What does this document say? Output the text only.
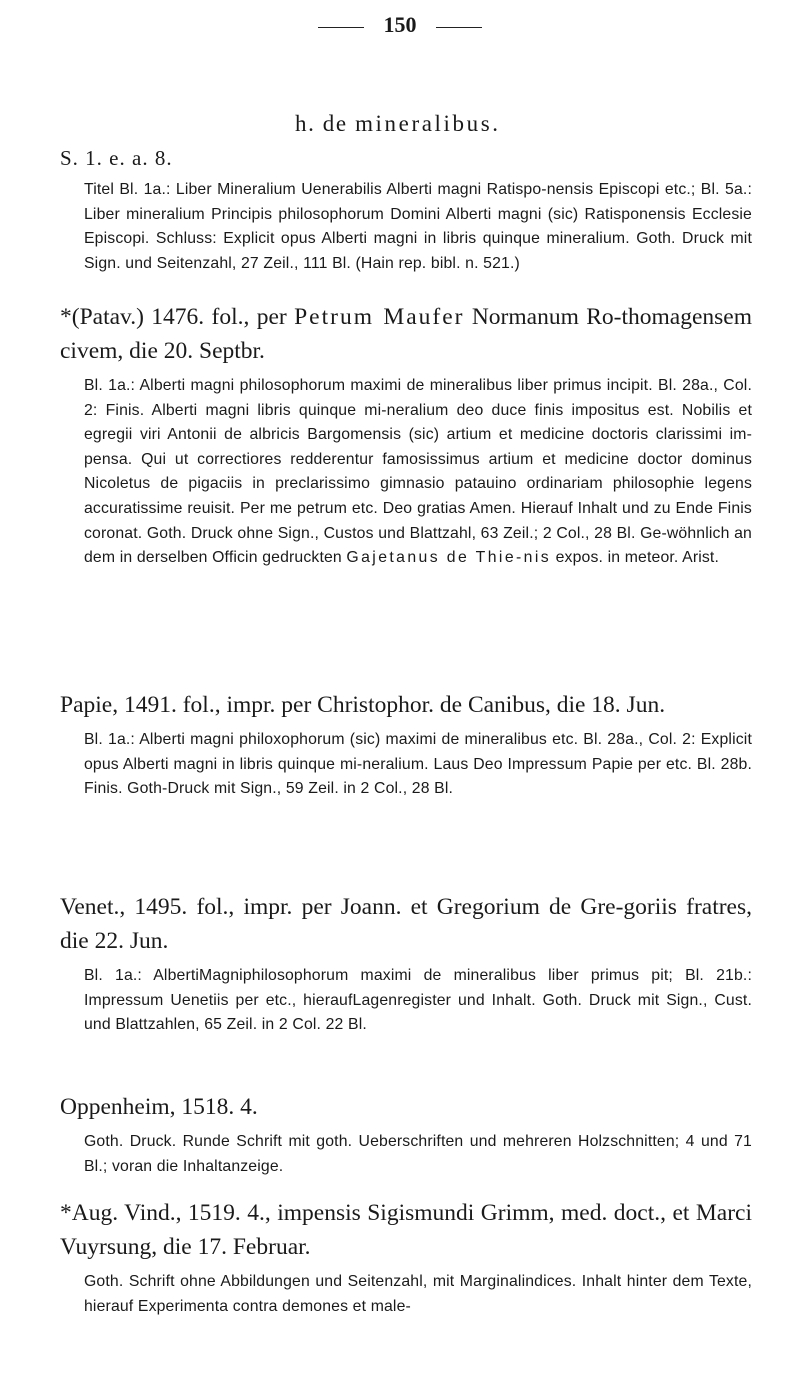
150
h. de mineralibus.
S. 1. e. a. 8.

Titel Bl. 1a.: Liber Mineralium Uenerabilis Alberti magni Ratispo-nensis Episcopi etc.; Bl. 5a.: Liber mineralium Principis philosophorum Domini Alberti magni (sic) Ratisponensis Ecclesie Episcopi. Schluss: Explicit opus Alberti magni in libris quinque mineralium. Goth. Druck mit Sign. und Seitenzahl, 27 Zeil., 111 Bl. (Hain rep. bibl. n. 521.)

*(Patav.) 1476. fol., per Petrum Maufer Normanum Ro-thomagensem civem, die 20. Septbr.

Bl. 1a.: Alberti magni philosophorum maximi de mineralibus liber primus incipit. Bl. 28a., Col. 2: Finis. Alberti magni libris quinque mi-neralium deo duce finis impositus est. Nobilis et egregii viri Antonii de albricis Bargomensis (sic) artium et medicine doctoris clarissimi im-pensa. Qui ut correctiores redderentur famosissimus artium et medicine doctor dominus Nicoletus de pigaciis in preclarissimo gimnasio patauino ordinariam philosophie legens accuratissime reuisit. Per me petrum etc. Deo gratias Amen. Hierauf Inhalt und zu Ende Finis coronat. Goth. Druck ohne Sign., Custos und Blattzahl, 63 Zeil.; 2 Col., 28 Bl. Ge-wöhnlich an dem in derselben Officin gedruckten Gajetanus de Thie-nis expos. in meteor. Arist.

Papie, 1491. fol., impr. per Christophor. de Canibus, die 18. Jun.

Bl. 1a.: Alberti magni philoxophorum (sic) maximi de mineralibus etc. Bl. 28a., Col. 2: Explicit opus Alberti magni in libris quinque mi-neralium. Laus Deo Impressum Papie per etc. Bl. 28b. Finis. Goth-Druck mit Sign., 59 Zeil. in 2 Col., 28 Bl.

Venet., 1495. fol., impr. per Joann. et Gregorium de Gre-goriis fratres, die 22. Jun.

Bl. 1a.: AlbertiMagniphilosophorum maximi de mineralibus liber primus pit; Bl. 21b.: Impressum Uenetiis per etc., hieraufLagenregister und Inhalt. Goth. Druck mit Sign., Cust. und Blattzahlen, 65 Zeil. in 2 Col. 22 Bl.

Oppenheim, 1518. 4.

Goth. Druck. Runde Schrift mit goth. Ueberschriften und mehreren Holzschnitten; 4 und 71 Bl.; voran die Inhaltanzeige.

*Aug. Vind., 1519. 4., impensis Sigismundi Grimm, med. doct., et Marci Vuyrsung, die 17. Februar.

Goth. Schrift ohne Abbildungen und Seitenzahl, mit Marginalindices. Inhalt hinter dem Texte, hierauf Experimenta contra demones et male-
